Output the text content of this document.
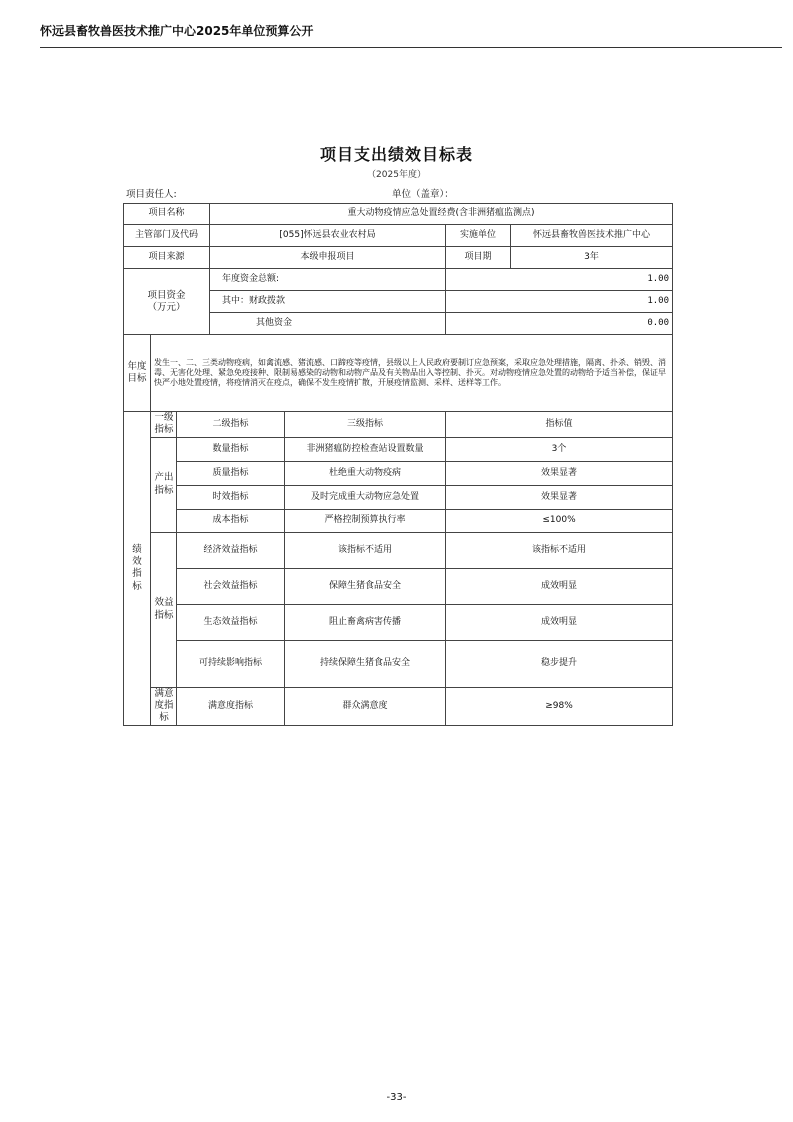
怀远县畜牧兽医技术推广中心2025年单位预算公开
项目支出绩效目标表
（2025年度）
项目责任人:	单位（盖章）：
项目名称			重大动物疫情应急处置经费(含非洲猪瘟监测点)			
主管部门及代码			[055]怀远县农业农村局		实施单位	怀远县畜牧兽医技术推广中心
项目来源			本级申报项目		项目期	3年
项目资金
（万元）			年度资金总额:		1.00	
			其中：财政拨款		1.00	
			其他资金		0.00	
年度
目标	发生一、二、三类动物疫病，如禽流感、猪流感、口蹄疫等疫情，县级以上人民政府要制订应急预案，采取应急处理措施，隔离、扑杀、销毁、消毒、无害化处理、紧急免疫接种、限制易感染的动物和动物产品及有关物品出入等控制、扑灭。对动物疫情应急处置的动物给予适当补偿，保证早快严小地处置疫情，将疫情消灭在疫点，确保不发生疫情扩散，开展疫情监测、采样、送样等工作。					
绩效指标	一级指标	二级指标		三级指标	指标值	
	产出指标	数量指标		非洲猪瘟防控检查站设置数量	3个	
		质量指标		杜绝重大动物疫病	效果显著	
		时效指标		及时完成重大动物应急处置	效果显著	
		成本指标		严格控制预算执行率	≤100%	
	效益指标	经济效益指标		该指标不适用	该指标不适用	
		社会效益指标		保障生猪食品安全	成效明显	
		生态效益指标		阻止畜禽病害传播	成效明显	
		可持续影响指标		持续保障生猪食品安全	稳步提升	
	满意度指标	满意度指标		群众满意度	≥98%	
-33-
